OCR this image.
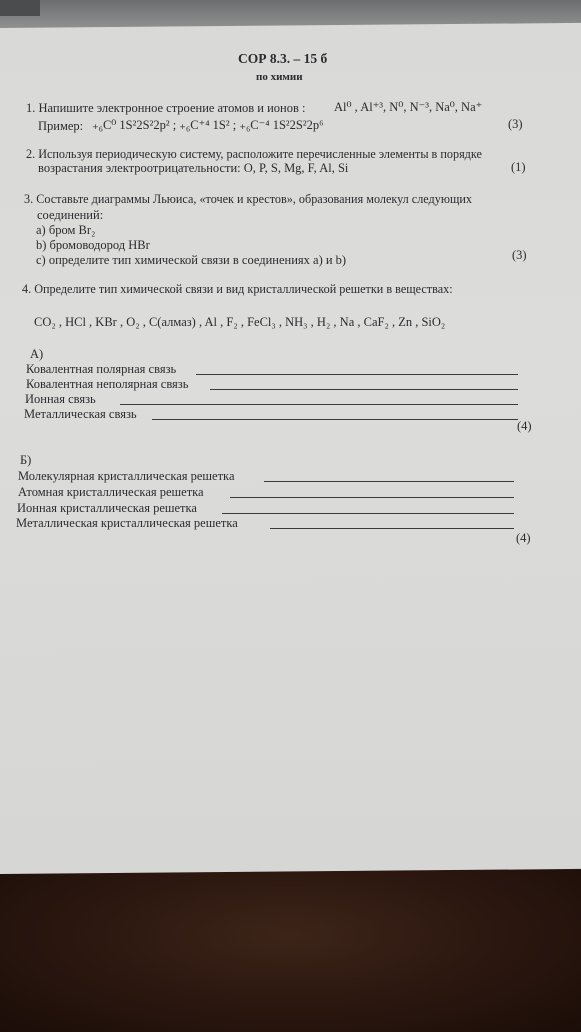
СОР 8.3. – 15 б
по химии
1. Напишите электронное строение атомов и ионов : Al⁰ , Al⁺³, N⁰, N⁻³, Na⁰, Na⁺
Пример: ₊₆C⁰ 1S²2S²2p² ; ₊₆C⁺⁴ 1S² ; ₊₆C⁻⁴ 1S²2S²2p⁶	(3)
2. Используя периодическую систему, расположите перечисленные элементы в порядке
возрастания электроотрицательности: O, P, S, Mg, F, Al, Si	(1)
3. Составьте диаграммы Льюиса, «точек и крестов», образования молекул следующих
соединений:
а) бром Br₂
b) бромоводород HBr
с) определите тип химической связи в соединениях а) и b)	(3)
4. Определите тип химической связи и вид кристаллической решетки в веществах:
CO₂ , HCl , KBr , O₂ , C(алмаз) , Al , F₂ , FeCl₃ , NH₃ , H₂ , Na , CaF₂ , Zn , SiO₂
А)
Ковалентная полярная связь
Ковалентная неполярная связь
Ионная связь
Металлическая связь
(4)
Б)
Молекулярная кристаллическая решетка
Атомная кристаллическая решетка
Ионная кристаллическая решетка
Металлическая кристаллическая решетка
(4)
